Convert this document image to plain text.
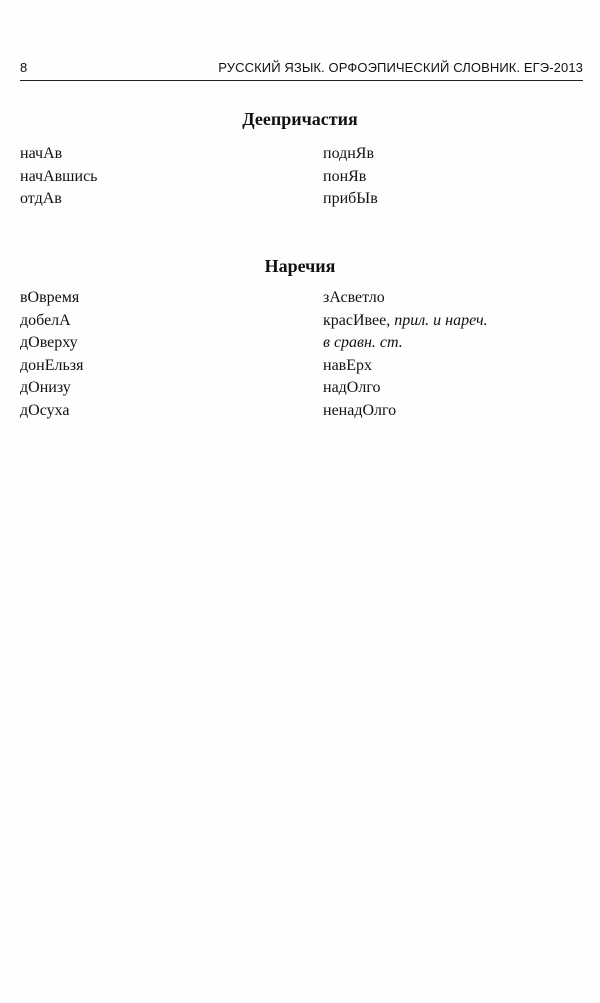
8	РУССКИЙ ЯЗЫК. ОРФОЭПИЧЕСКИЙ СЛОВНИК. ЕГЭ-2013
Деепричастия
начАв
начАвшись
отдАв
поднЯв
понЯв
прибЫв
Наречия
вОвремя
добелА
дОверху
донЕльзя
дОнизу
дОсуха
зАсветло
красИвее, прил. и нареч.
в сравн. ст.
навЕрх
надОлго
ненадОлго
